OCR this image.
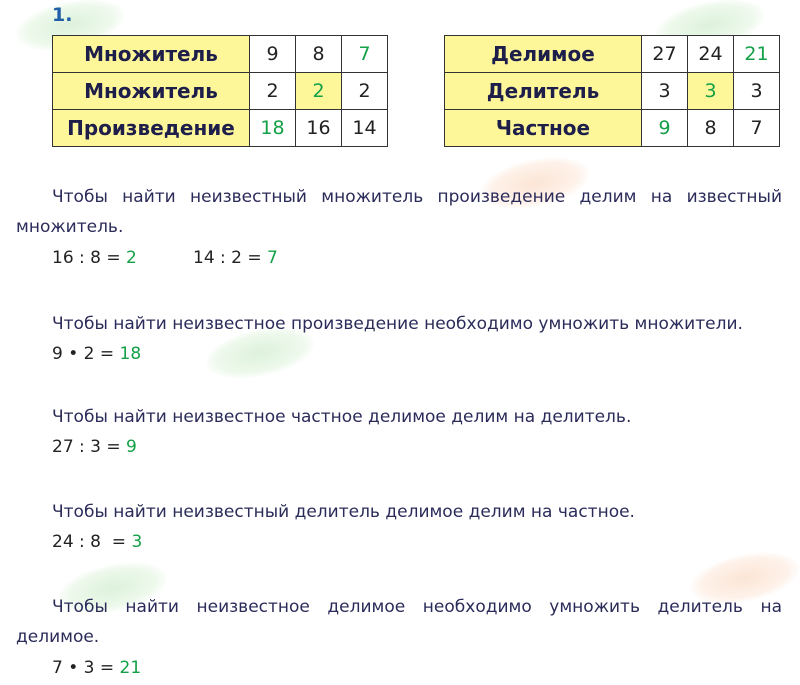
1.
Множитель	9	8	7
Множитель	2	2	2
Произведение	18	16	14
Делимое	27	24	21
Делитель	3	3	3
Частное	9	8	7
Чтобы найти неизвестный множитель произведение делим на известный множитель.
16 : 8 = 2	14 : 2 = 7
Чтобы найти неизвестное произведение необходимо умножить множители.
9 • 2 = 18
Чтобы найти неизвестное частное делимое делим на делитель.
27 : 3 = 9
Чтобы найти неизвестный делитель делимое делим на частное.
24 : 8  = 3
Чтобы найти неизвестное делимое необходимо умножить делитель на делимое.
7 • 3 = 21
